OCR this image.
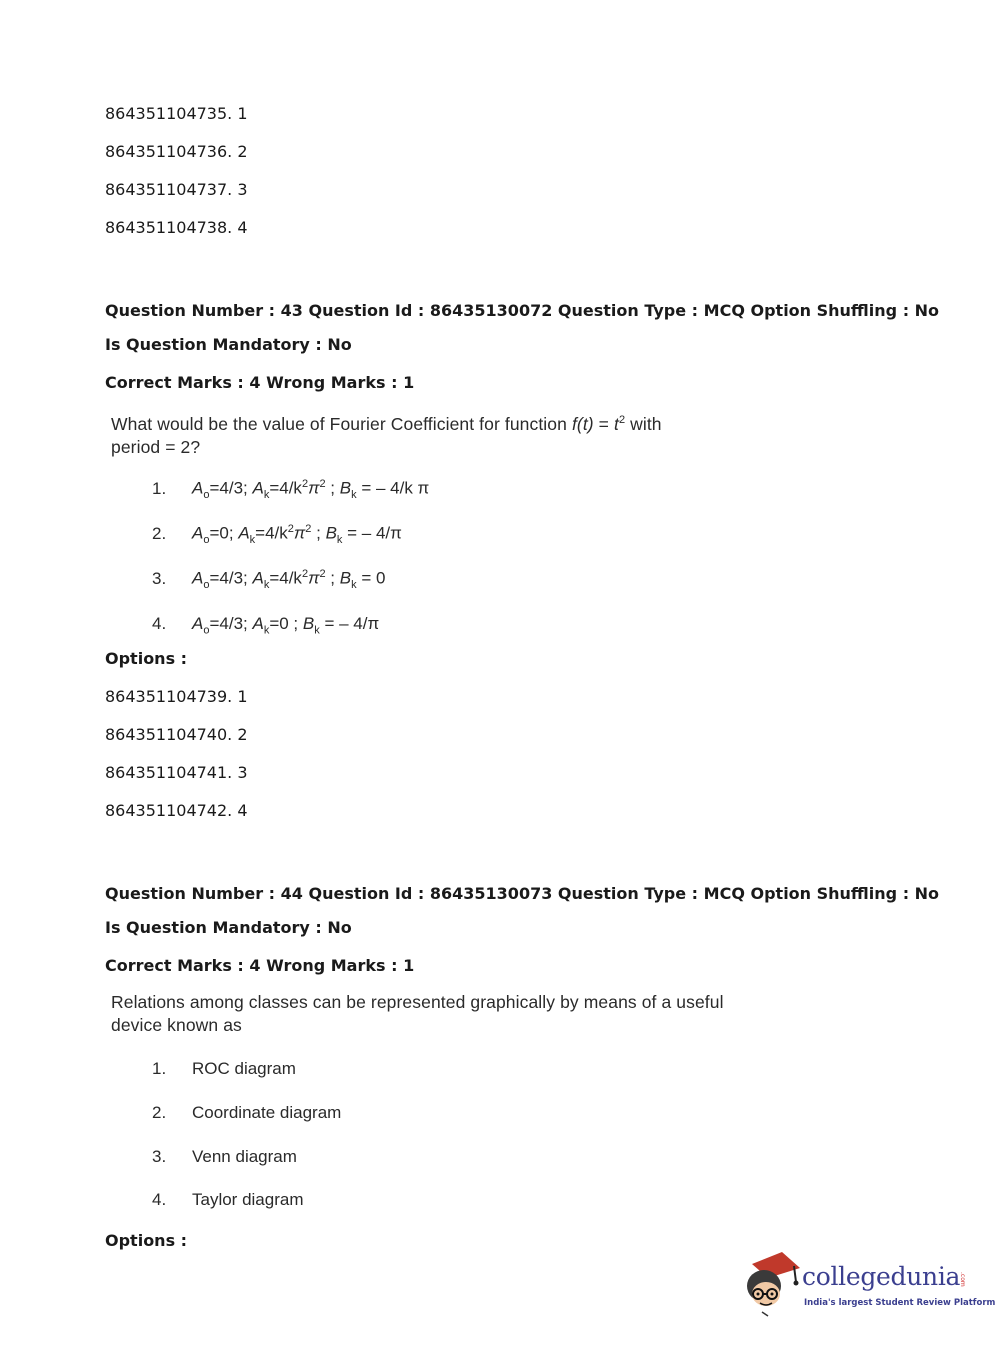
864351104735. 1
864351104736. 2
864351104737. 3
864351104738. 4
Question Number : 43 Question Id : 86435130072 Question Type : MCQ Option Shuffling : No
Is Question Mandatory : No
Correct Marks : 4 Wrong Marks : 1
What would be the value of Fourier Coefficient for function $f(t) = t^2$ with
period = 2?
1. $A_o=4/3$; $A_k=4/k^2\pi^2$ ; $B_k$ = – 4/k π
2. $A_o=0$; $A_k=4/k^2\pi^2$ ; $B_k$ = – 4/π
3. $A_o=4/3$; $A_k=4/k^2\pi^2$ ; $B_k = 0$
4. $A_o=4/3$; $A_k=0$ ; $B_k$ = – 4/π
Options :
864351104739. 1
864351104740. 2
864351104741. 3
864351104742. 4
Question Number : 44 Question Id : 86435130073 Question Type : MCQ Option Shuffling : No
Is Question Mandatory : No
Correct Marks : 4 Wrong Marks : 1
Relations among classes can be represented graphically by means of a useful
device known as
1. ROC diagram
2. Coordinate diagram
3. Venn diagram
4. Taylor diagram
Options :
collegedunia
.com
India's largest Student Review Platform
